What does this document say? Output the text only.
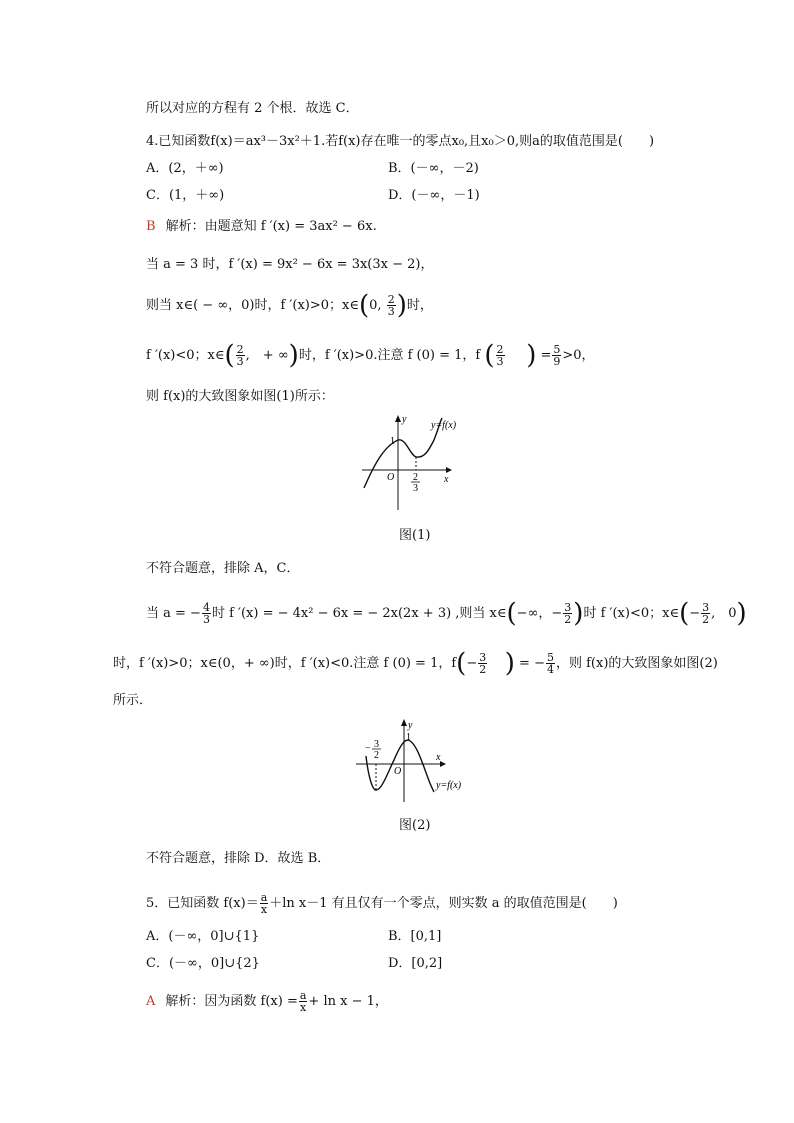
所以对应的方程有 2 个根．故选 C．
4.已知函数f(x)＝ax³－3x²＋1.若f(x)存在唯一的零点x₀,且x₀＞0,则a的取值范围是(　　)
A．(2，＋∞)	B．(－∞，－2)
C．(1，＋∞)	D．(－∞，－1)
B 解析：由题意知 f ′(x) = 3ax² − 6x.
当 a = 3 时，f ′(x) = 9x² − 6x = 3x(3x − 2)，
则当 x∈( − ∞，0)时，f ′(x)>0；x∈(0, $\frac{2}{3}$ )时，
f ′(x)<0；x∈( $\frac{2}{3}$ ,　+ ∞)时，f ′(x)>0.注意 f (0) = 1，f ( $\frac{2}{3}$ ) = $\frac{5}{9} >0$，
则 f(x)的大致图象如图(1)所示：
y
x
O
1
y=f(x)
2
3
图(1)
不符合题意，排除 A，C．
当 a = − $\frac{4}{3}$ 时 f ′(x) = − 4x² − 6x = − 2x(2x + 3) ,则当 x∈(−∞，− $\frac{3}{2}$ )时 f ′(x)<0；x∈(− $\frac{3}{2}$ ,　0)
时，f ′(x)>0；x∈(0，+ ∞)时，f ′(x)<0.注意 f (0) = 1，$f(- \frac{3}{2}$ ) = − $\frac{5}{4}$ ，则 f(x)的大致图象如图(2)
所示．
y
x
O
1
y=f(x)
− 3
2
图(2)
不符合题意，排除 D．故选 B．
5．已知函数 $f(x)= \frac{a}{x} +\ln$ x－1 有且仅有一个零点，则实数 a 的取值范围是(　　)
A．(－∞，0]∪{1}	B．[0,1]
C．(－∞，0]∪{2}	D．[0,2]
A 解析：因为函数 $f(x) = \frac{a}{x} + \ln x - 1$，
